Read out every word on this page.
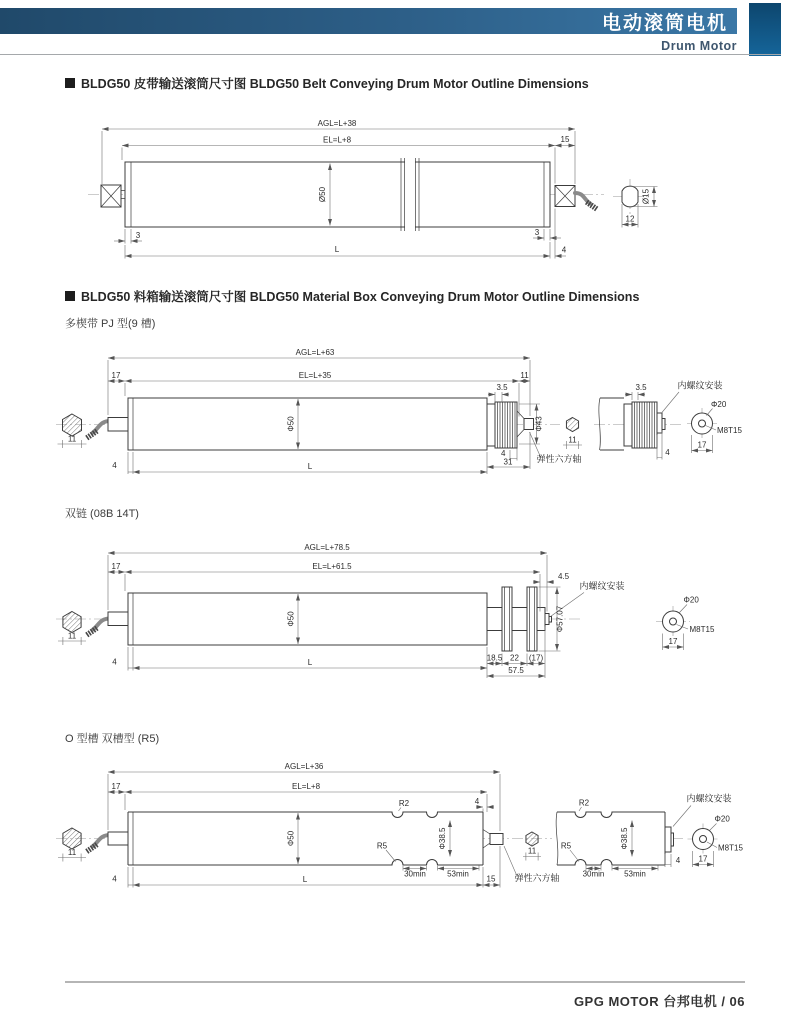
电动滚筒电机
Drum Motor
BLDG50 皮带输送滚筒尺寸图 BLDG50 Belt Conveying Drum Motor Outline Dimensions
AGL=L+38
EL=L+8	15
Ø50
3	3
L	4
Ø15
12
BLDG50 料箱输送滚筒尺寸图 BLDG50 Material Box Conveying Drum Motor Outline Dimensions
多楔带 PJ 型(9 槽)
11	11
AGL=L+63
EL=L+35
17	11
3.5
Φ50	Φ43
4
31
4	L
弹性六方轴
3.5	内螺纹安装
4
Φ20
M8T15
17
双链 (08B 14T)
11
AGL=L+78.5
EL=L+61.5
17
4.5
Φ50	Φ57.07
内螺纹安装
18.5 22 (17)
57.5
4	L
Φ20
M8T15
17
O 型槽 双槽型 (R5)
11	11
AGL=L+36
EL=L+8
17
R2
R5
4
Φ50	Φ38.5
30min	53min
4	L	15 弹性六方轴
R2
R5	Φ38.5
30min 53min
4
内螺纹安装
Φ20
M8T15
17
GPG MOTOR 台邦电机 / 06
